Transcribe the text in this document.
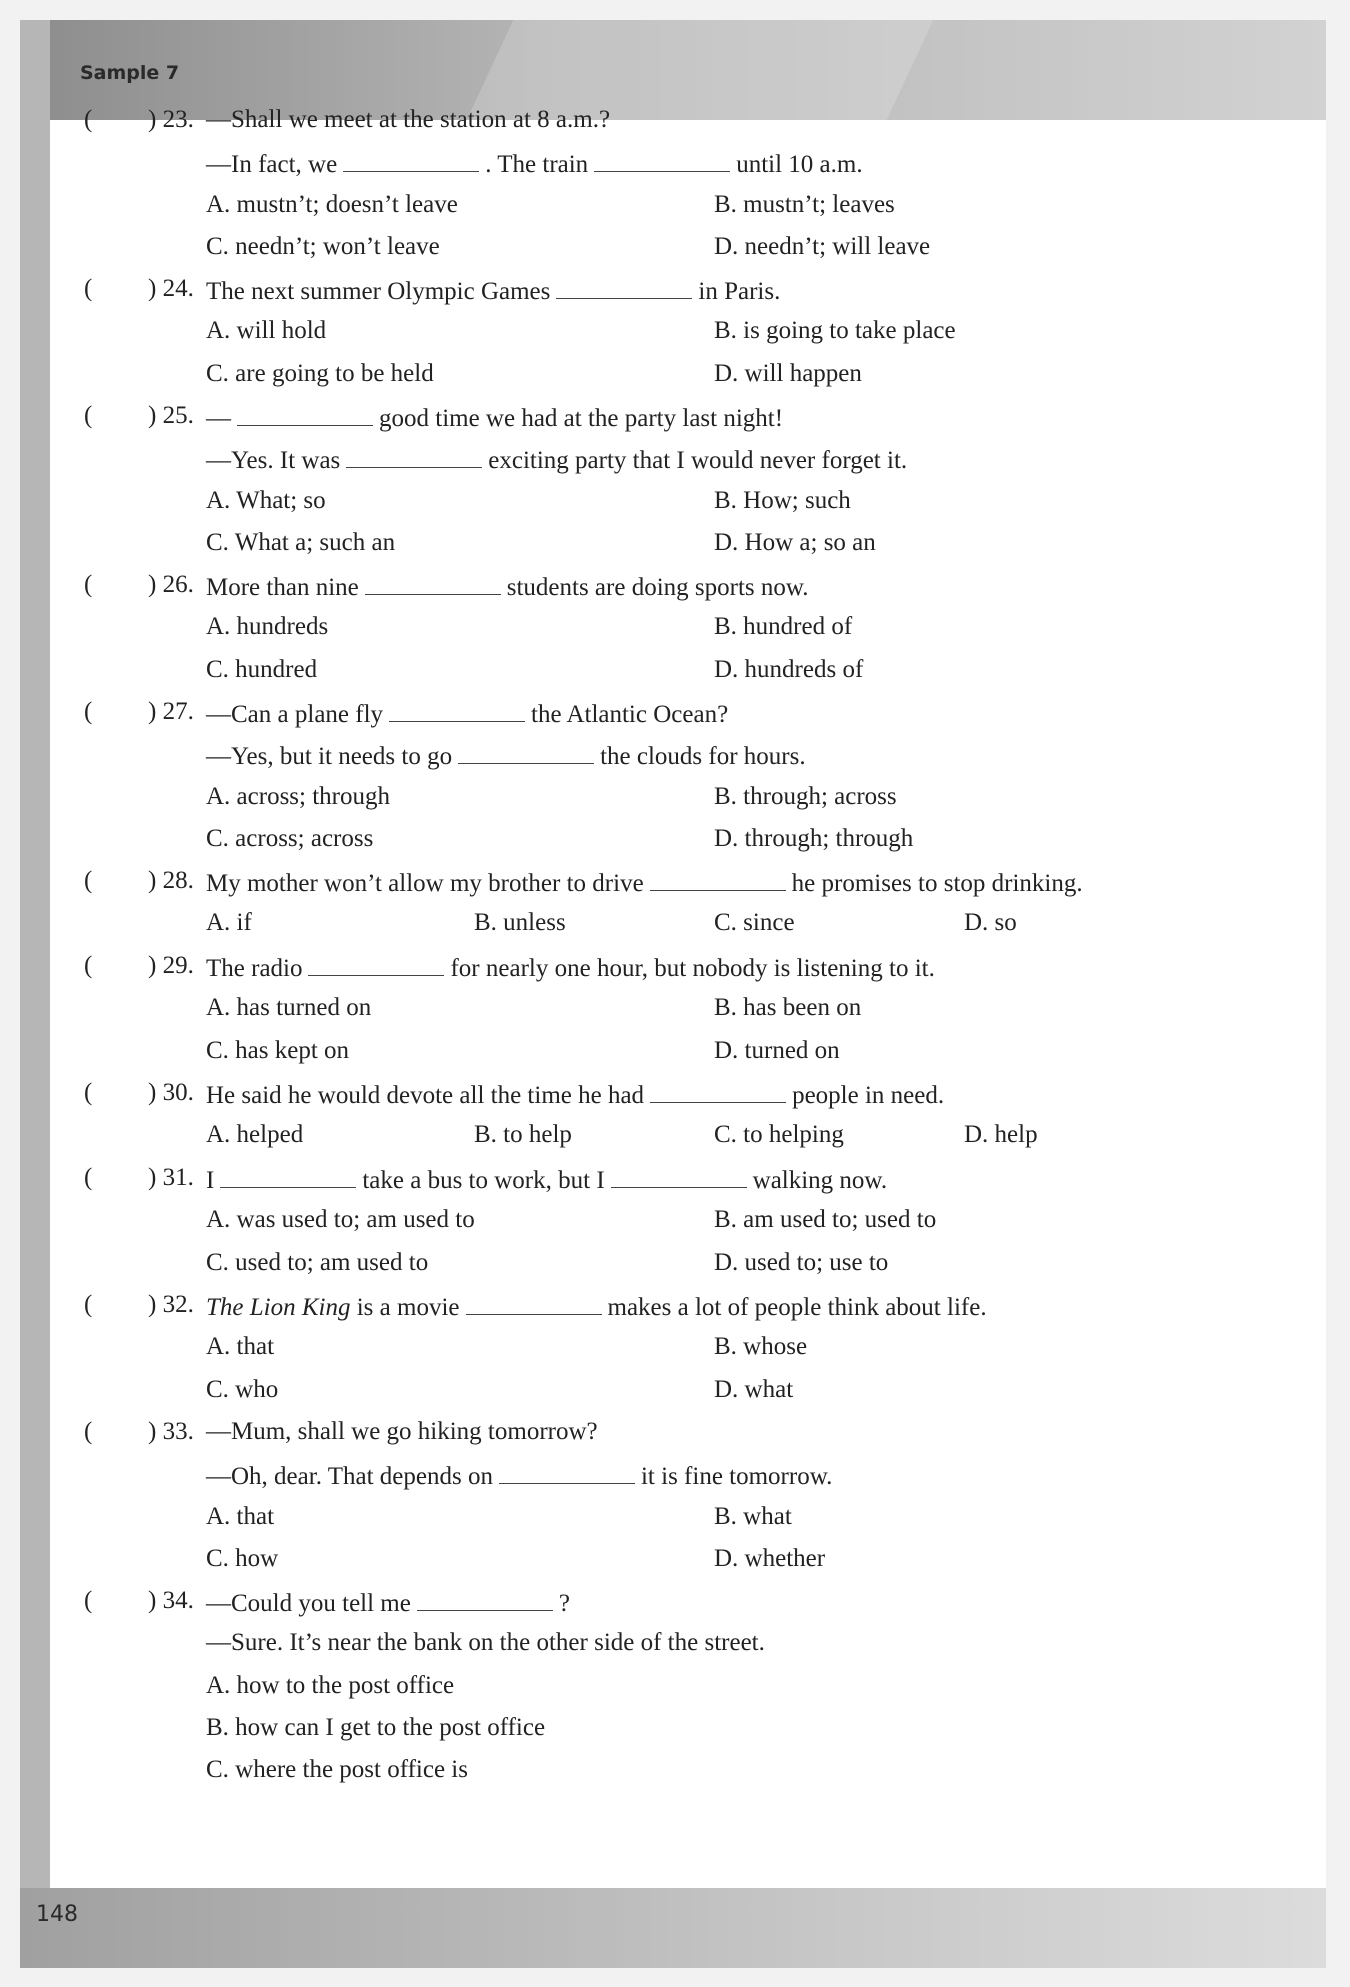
Sample 7
148
( ) 23. —Shall we meet at the station at 8 a.m.?
—In fact, we	. The train	until 10 a.m.
A. mustn’t; doesn’t leave	B. mustn’t; leaves
C. needn’t; won’t leave	D. needn’t; will leave
( ) 24. The next summer Olympic Games	in Paris.
A. will hold	B. is going to take place
C. are going to be held	D. will happen
( ) 25. —	good time we had at the party last night!
—Yes. It was	exciting party that I would never forget it.
A. What; so	B. How; such
C. What a; such an	D. How a; so an
( ) 26. More than nine	students are doing sports now.
A. hundreds	B. hundred of
C. hundred	D. hundreds of
( ) 27. —Can a plane fly	the Atlantic Ocean?
—Yes, but it needs to go	the clouds for hours.
A. across; through	B. through; across
C. across; across	D. through; through
( ) 28. My mother won’t allow my brother to drive	he promises to stop drinking.
A. if	B. unless	C. since	D. so
( ) 29. The radio	for nearly one hour, but nobody is listening to it.
A. has turned on	B. has been on
C. has kept on	D. turned on
( ) 30. He said he would devote all the time he had	people in need.
A. helped	B. to help	C. to helping	D. help
( ) 31. I	take a bus to work, but I	walking now.
A. was used to; am used to	B. am used to; used to
C. used to; am used to	D. used to; use to
( ) 32. The Lion King is a movie	makes a lot of people think about life.
A. that	B. whose
C. who	D. what
( ) 33. —Mum, shall we go hiking tomorrow?
—Oh, dear. That depends on	it is fine tomorrow.
A. that	B. what
C. how	D. whether
( ) 34. —Could you tell me	?
—Sure. It’s near the bank on the other side of the street.
A. how to the post office
B. how can I get to the post office
C. where the post office is
